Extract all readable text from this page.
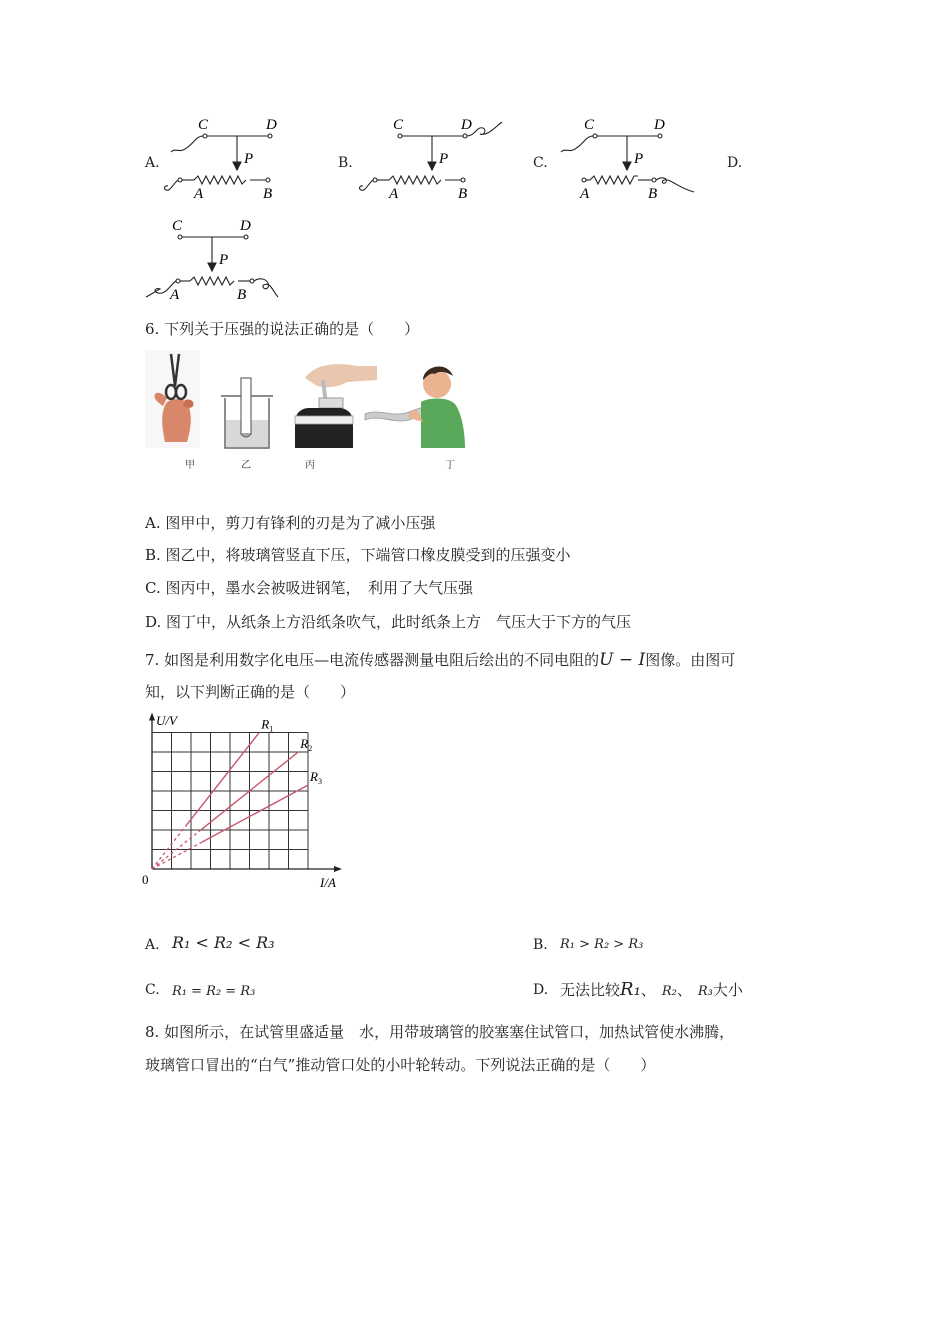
A.	B.	C.	D.
C	D
P
A	B
C	D
P
A	B
C	D
P
A	B
C	D
P
A	B
6. 下列关于压强的说法正确的是（　　）
甲	乙	丙	丁
A. 图甲中，剪刀有锋利的刃是为了减小压强
B. 图乙中，将玻璃管竖直下压，下端管口橡皮膜受到的压强变小
C. 图丙中，墨水会被吸进钢笔，　利用了大气压强
D. 图丁中，从纸条上方沿纸条吹气，此时纸条上方　气压大于下方的气压
7. 如图是利用数字化电压—电流传感器测量电阻后绘出的不同电阻的U − I图像。由图可
知，以下判断正确的是（　　）
U/V
I/A
0
$R_1$
$R_2$
$R_3$
A. R₁ < R₂ < R₃	B. R₁ > R₂ > R₃
C. R₁ = R₂ = R₃	D. 无法比较R₁、 R₂、 R₃大小
8. 如图所示，在试管里盛适量　水，用带玻璃管的胶塞塞住试管口，加热试管使水沸腾，
玻璃管口冒出的“白气”推动管口处的小叶轮转动。下列说法正确的是（　　）
